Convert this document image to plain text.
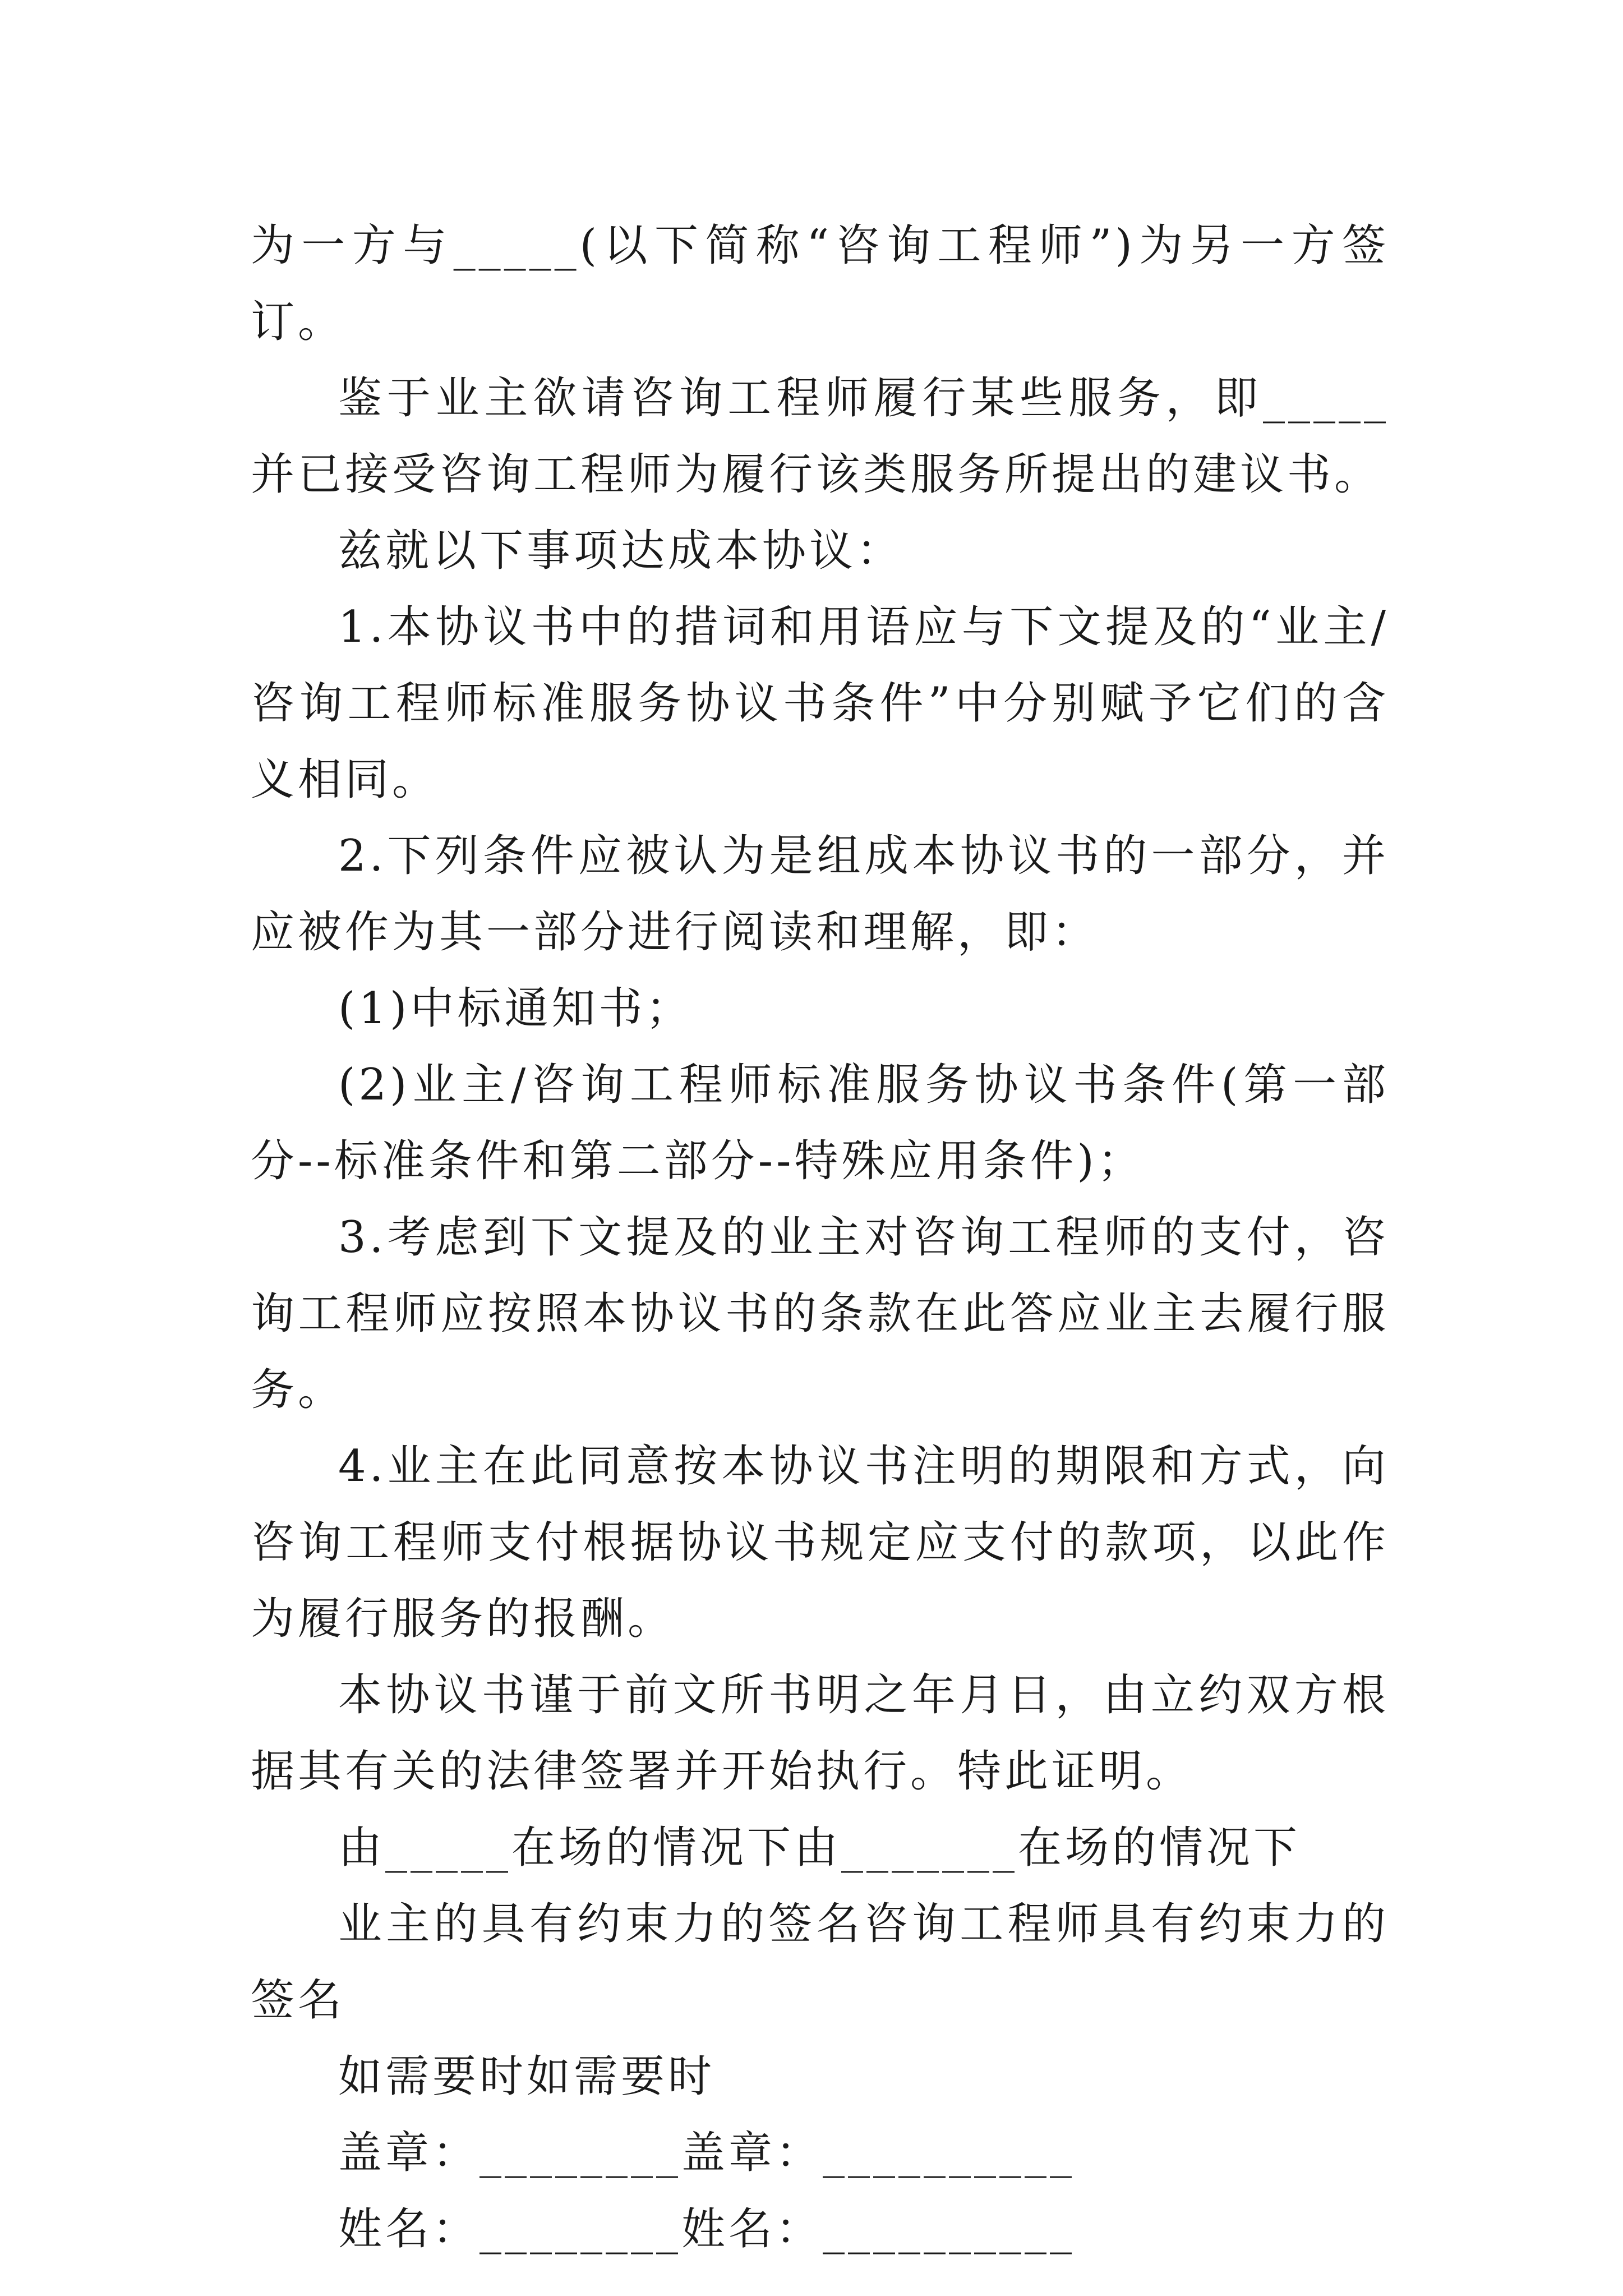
为一方与_____(以下简称“咨询工程师”)为另一方签订。

鉴于业主欲请咨询工程师履行某些服务，即_____并已接受咨询工程师为履行该类服务所提出的建议书。

兹就以下事项达成本协议：

1.本协议书中的措词和用语应与下文提及的“业主/咨询工程师标准服务协议书条件”中分别赋予它们的含义相同。

2.下列条件应被认为是组成本协议书的一部分，并应被作为其一部分进行阅读和理解，即：

(1)中标通知书；

(2)业主/咨询工程师标准服务协议书条件(第一部分--标准条件和第二部分--特殊应用条件)；

3.考虑到下文提及的业主对咨询工程师的支付，咨询工程师应按照本协议书的条款在此答应业主去履行服务。

4.业主在此同意按本协议书注明的期限和方式，向咨询工程师支付根据协议书规定应支付的款项，以此作为履行服务的报酬。

本协议书谨于前文所书明之年月日，由立约双方根据其有关的法律签署并开始执行。特此证明。

由_____在场的情况下由_______在场的情况下

业主的具有约束力的签名咨询工程师具有约束力的签名

如需要时如需要时

盖章：________盖章：__________

姓名：________姓名：__________
